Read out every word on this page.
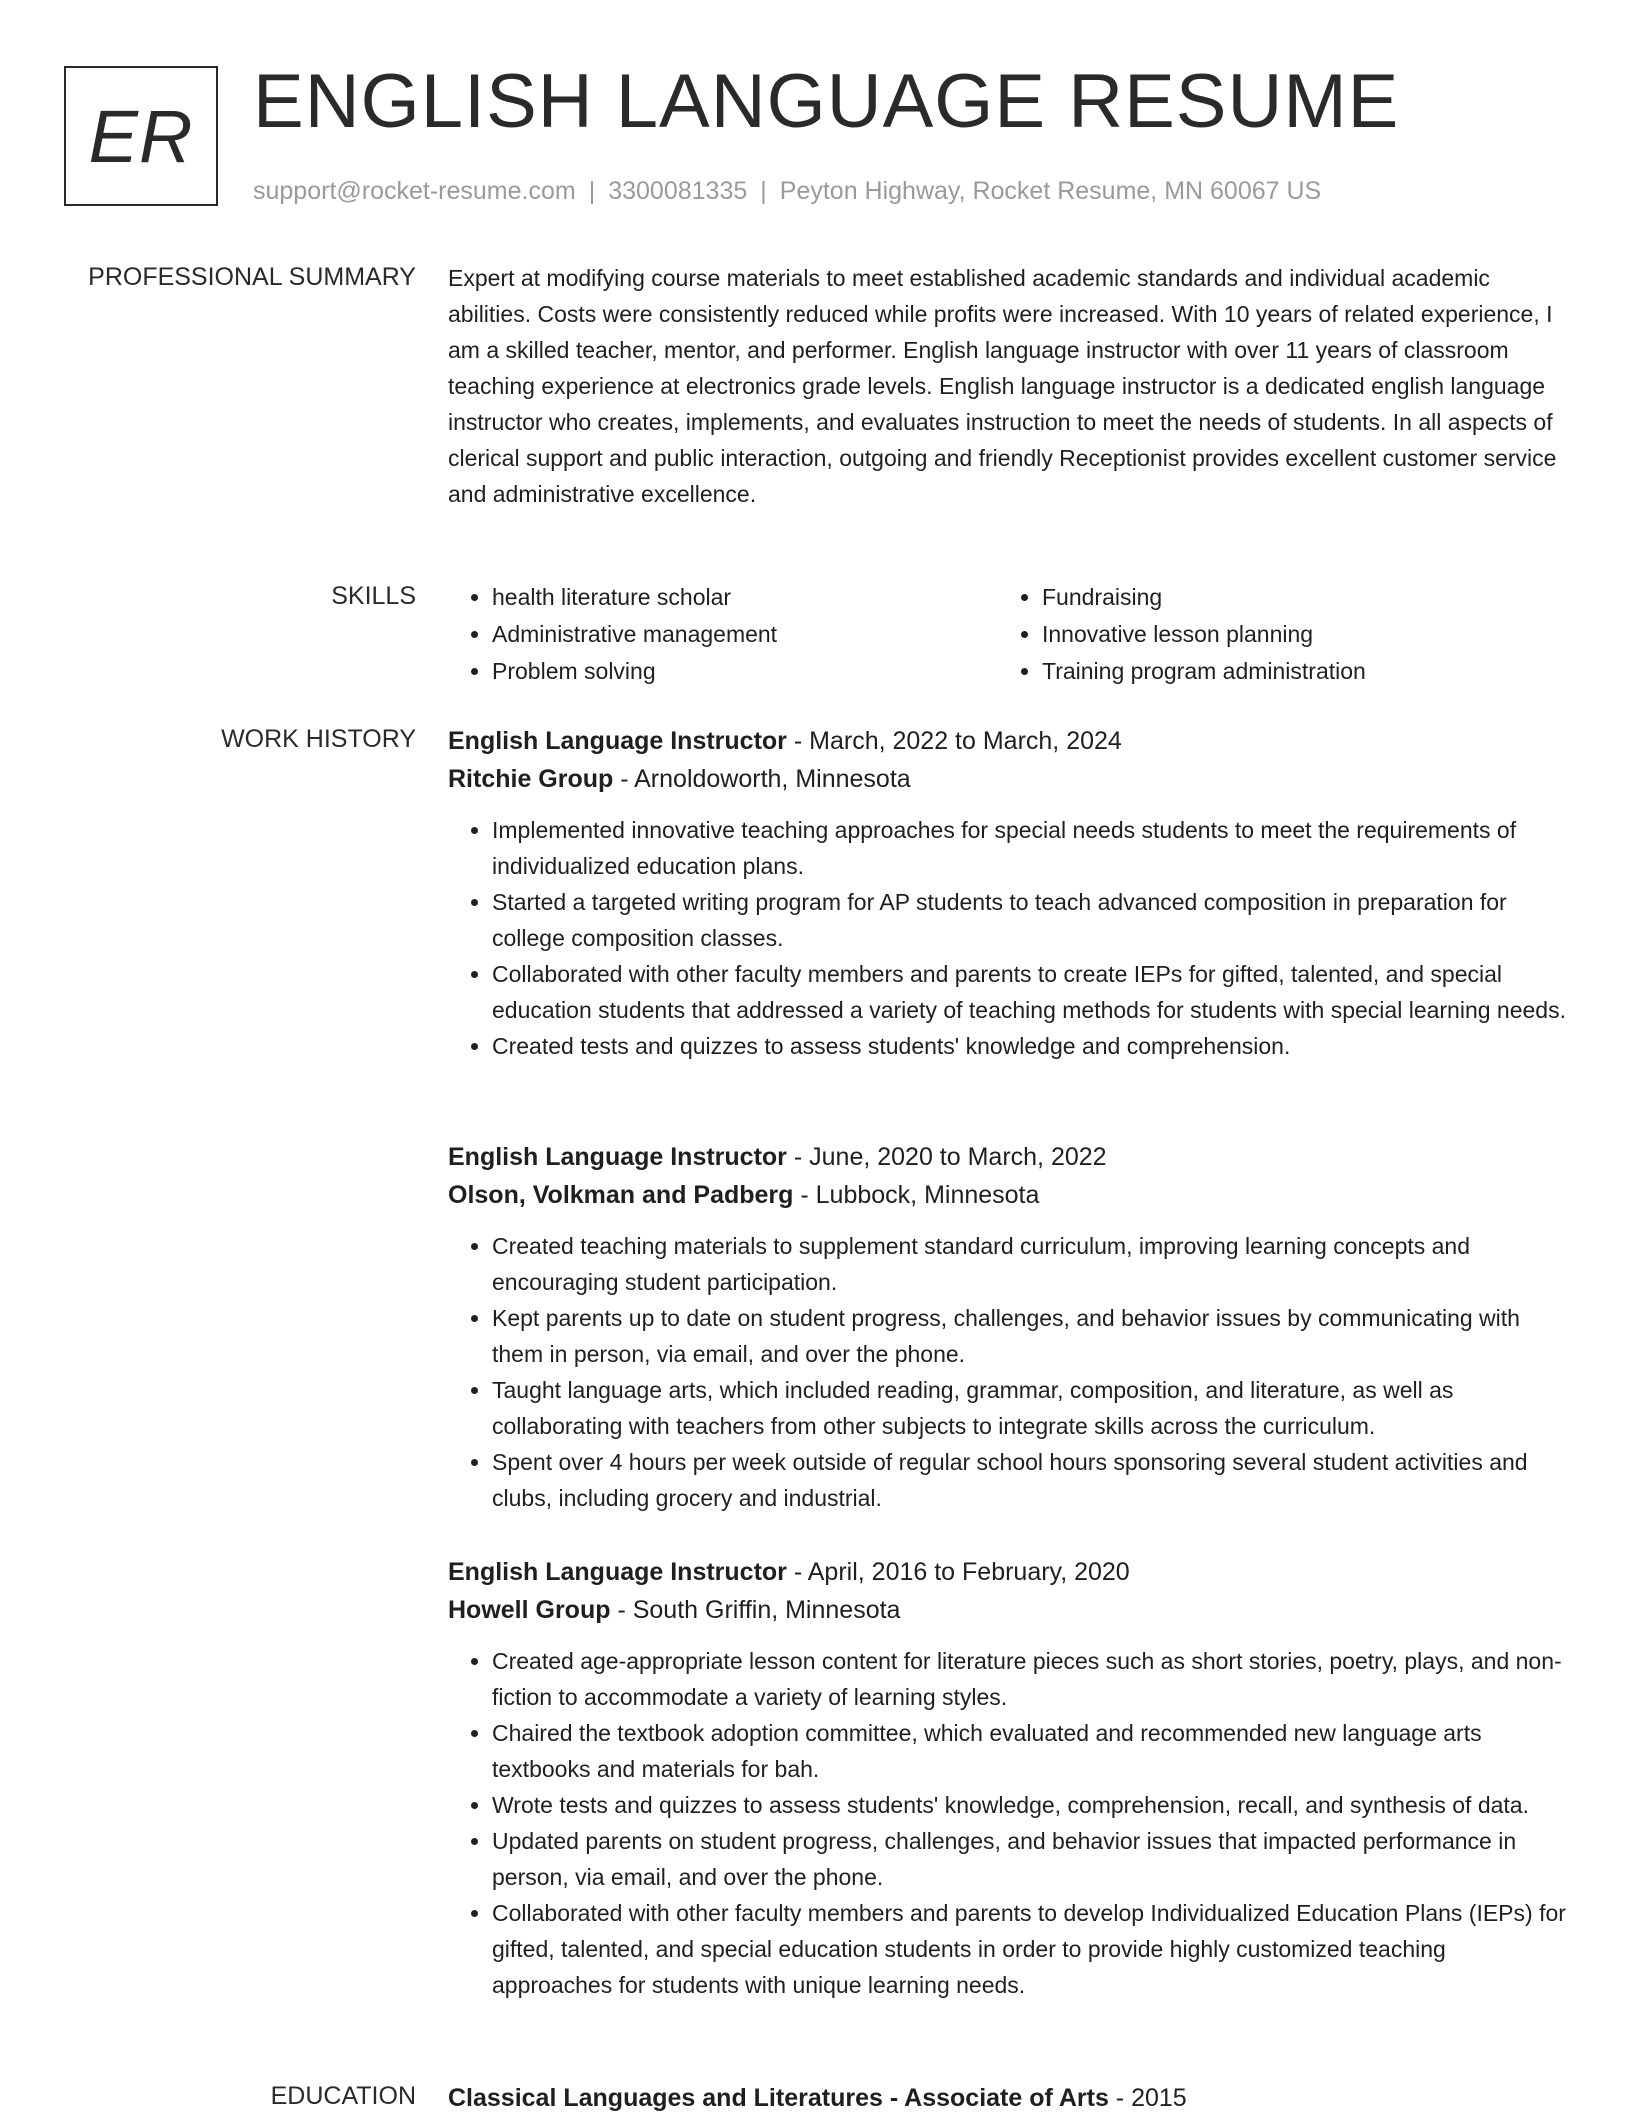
ER ENGLISH LANGUAGE RESUME
support@rocket-resume.com | 3300081335 | Peyton Highway, Rocket Resume, MN 60067 US
PROFESSIONAL SUMMARY Expert at modifying course materials to meet established academic standards and individual academic abilities. Costs were consistently reduced while profits were increased. With 10 years of related experience, I am a skilled teacher, mentor, and performer. English language instructor with over 11 years of classroom teaching experience at electronics grade levels. English language instructor is a dedicated english language instructor who creates, implements, and evaluates instruction to meet the needs of students. In all aspects of clerical support and public interaction, outgoing and friendly Receptionist provides excellent customer service and administrative excellence.

SKILLS
•	health literature scholar
• Administrative management
• Problem solving
• Fundraising
• Innovative lesson planning
• Training program administration
WORK HISTORY English Language Instructor - March, 2022 to March, 2024
Ritchie Group - Arnoldoworth, Minnesota
• Implemented innovative teaching approaches for special needs students to meet the requirements of individualized education plans.
• Started a targeted writing program for AP students to teach advanced composition in preparation for college composition classes.
• Collaborated with other faculty members and parents to create IEPs for gifted, talented, and special education students that addressed a variety of teaching methods for students with special learning needs.
• Created tests and quizzes to assess students' knowledge and comprehension.
English Language Instructor - June, 2020 to March, 2022
Olson, Volkman and Padberg - Lubbock, Minnesota
• Created teaching materials to supplement standard curriculum, improving learning concepts and encouraging student participation.
• Kept parents up to date on student progress, challenges, and behavior issues by communicating with them in person, via email, and over the phone.
• Taught language arts, which included reading, grammar, composition, and literature, as well as collaborating with teachers from other subjects to integrate skills across the curriculum.
• Spent over 4 hours per week outside of regular school hours sponsoring several student activities and clubs, including grocery and industrial.
English Language Instructor - April, 2016 to February, 2020
Howell Group - South Griffin, Minnesota
• Created age-appropriate lesson content for literature pieces such as short stories, poetry, plays, and non-fiction to accommodate a variety of learning styles.
• Chaired the textbook adoption committee, which evaluated and recommended new language arts textbooks and materials for bah.
• Wrote tests and quizzes to assess students' knowledge, comprehension, recall, and synthesis of data.
• Updated parents on student progress, challenges, and behavior issues that impacted performance in person, via email, and over the phone.
• Collaborated with other faculty members and parents to develop Individualized Education Plans (IEPs) for gifted, talented, and special education students in order to provide highly customized teaching approaches for students with unique learning needs.
EDUCATION Classical Languages and Literatures - Associate of Arts - 2015
